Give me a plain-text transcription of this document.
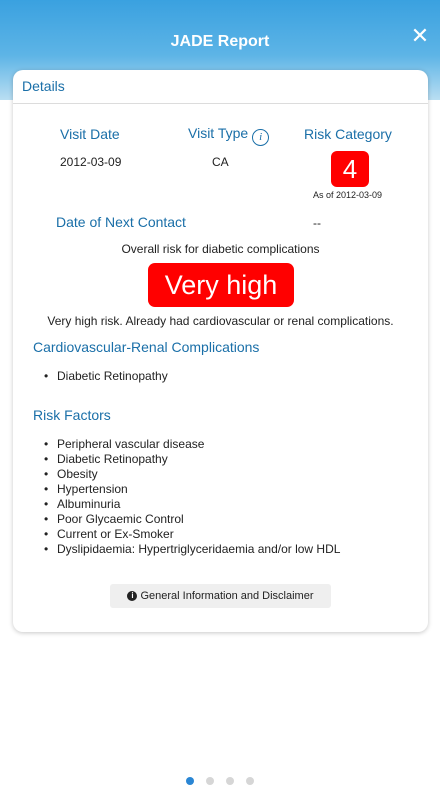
JADE Report	✕
Details
Visit Date
2012-03-09
Visit Type i
CA
Risk Category
4
As of 2012-03-09
Date of Next Contact	--
Overall risk for diabetic complications
Very high
Very high risk. Already had cardiovascular or renal complications.
Cardiovascular-Renal Complications
• Diabetic Retinopathy
Risk Factors
• Peripheral vascular disease
• Diabetic Retinopathy
• Obesity
• Hypertension
• Albuminuria
• Poor Glycaemic Control
• Current or Ex-Smoker
• Dyslipidaemia: Hypertriglyceridaemia and/or low HDL
i General Information and Disclaimer
